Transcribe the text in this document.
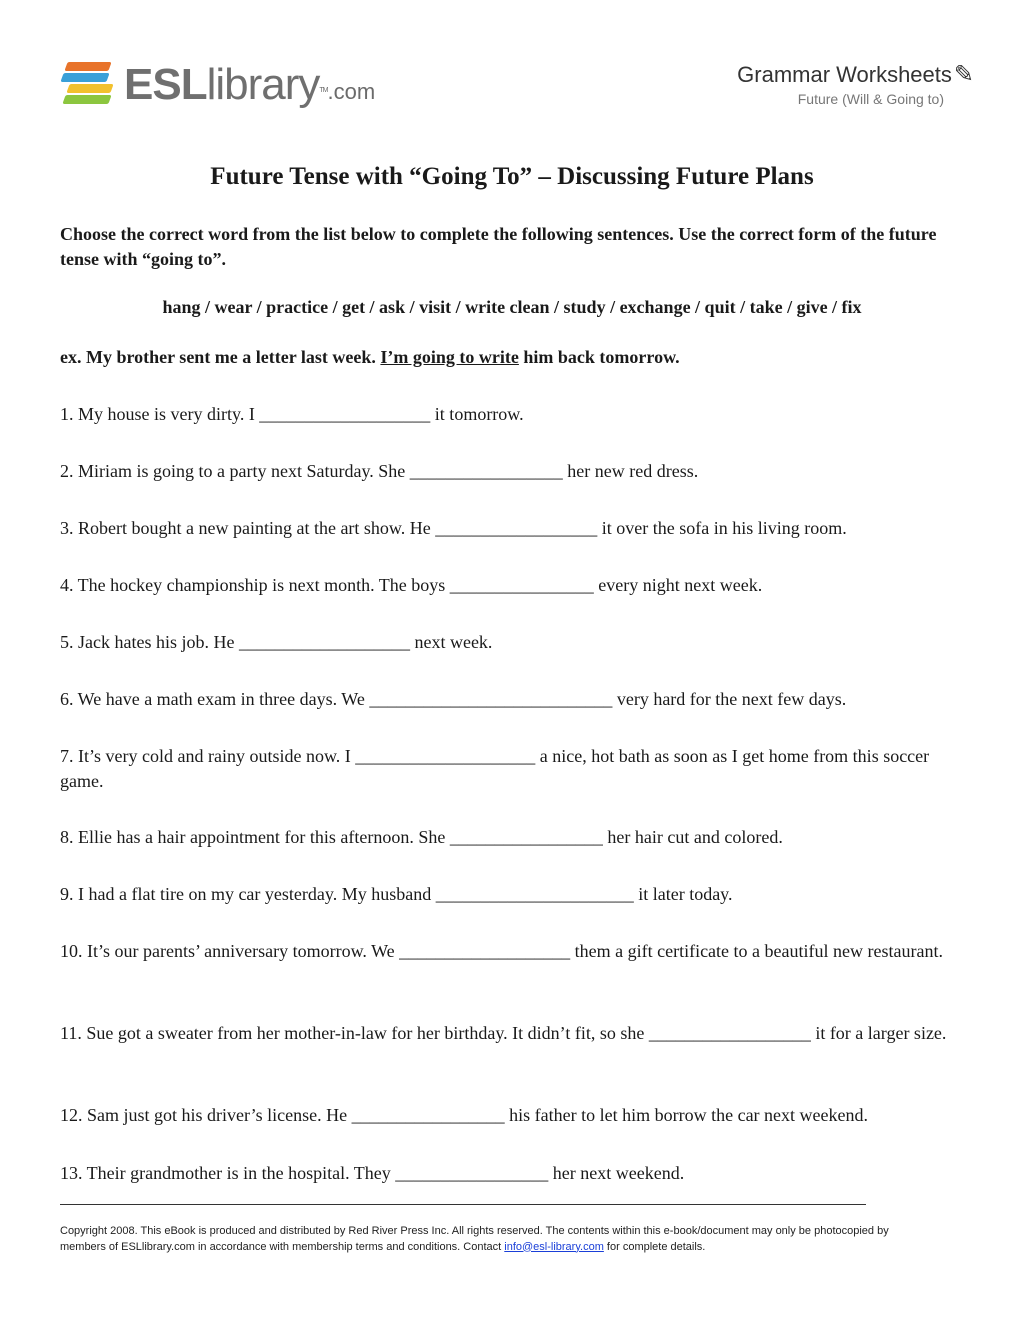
ESLlibrary™.com
Grammar Worksheets✎
Future (Will & Going to)
Future Tense with “Going To” – Discussing Future Plans
Choose the correct word from the list below to complete the following sentences. Use the correct form of the future tense with “going to”.
hang / wear / practice / get / ask / visit / write clean / study / exchange / quit / take / give / fix
ex. My brother sent me a letter last week. I’m going to write him back tomorrow.
1. My house is very dirty. I ___________________ it tomorrow.
2. Miriam is going to a party next Saturday. She _________________ her new red dress.
3. Robert bought a new painting at the art show. He __________________ it over the sofa in his living room.
4. The hockey championship is next month. The boys ________________ every night next week.
5. Jack hates his job. He ___________________ next week.
6. We have a math exam in three days. We ___________________________ very hard for the next few days.
7. It’s very cold and rainy outside now. I ____________________ a nice, hot bath as soon as I get home from this soccer game.
8. Ellie has a hair appointment for this afternoon. She _________________ her hair cut and colored.
9. I had a flat tire on my car yesterday. My husband ______________________ it later today.
10. It’s our parents’ anniversary tomorrow. We ___________________ them a gift certificate to a beautiful new restaurant.
11. Sue got a sweater from her mother-in-law for her birthday. It didn’t fit, so she __________________ it for a larger size.
12. Sam just got his driver’s license. He _________________ his father to let him borrow the car next weekend.
13. Their grandmother is in the hospital. They _________________ her next weekend.
Copyright 2008. This eBook is produced and distributed by Red River Press Inc. All rights reserved. The contents within this e-book/document may only be photocopied by members of ESLlibrary.com in accordance with membership terms and conditions. Contact info@esl-library.com for complete details.
